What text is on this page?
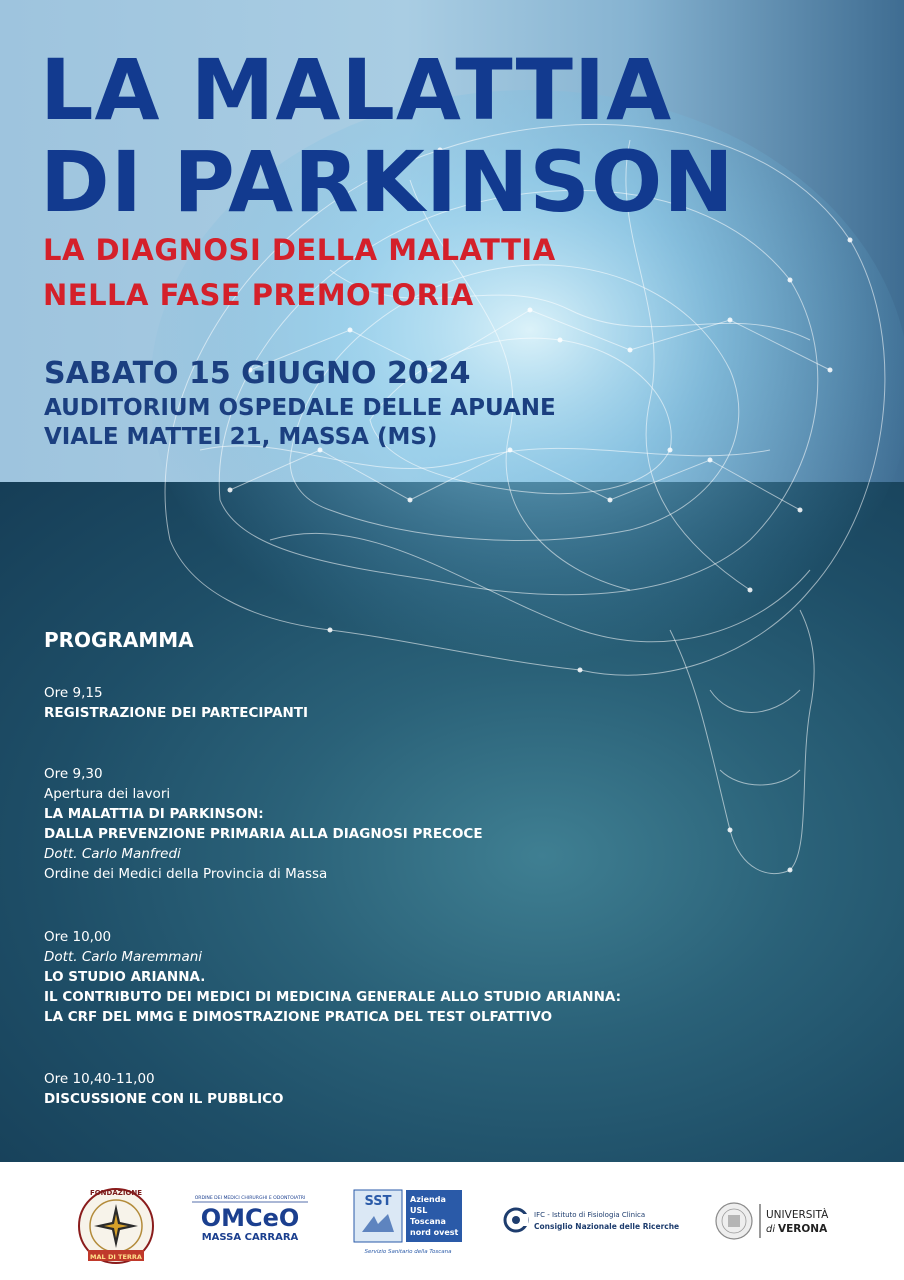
LA MALATTIA
DI PARKINSON
LA DIAGNOSI DELLA MALATTIA
NELLA FASE PREMOTORIA

SABATO 15 GIUGNO 2024

AUDITORIUM OSPEDALE DELLE APUANE

VIALE MATTEI 21, MASSA (MS)

PROGRAMMA
Ore 9,15
REGISTRAZIONE DEI PARTECIPANTI
Ore 9,30
Apertura dei lavori
LA MALATTIA DI PARKINSON:
DALLA PREVENZIONE PRIMARIA ALLA DIAGNOSI PRECOCE
Dott. Carlo Manfredi
Ordine dei Medici della Provincia di Massa
Ore 10,00
Dott. Carlo Maremmani
LO STUDIO ARIANNA.
IL CONTRIBUTO DEI MEDICI DI MEDICINA GENERALE ALLO STUDIO ARIANNA:
LA CRF DEL MMG E DIMOSTRAZIONE PRATICA DEL TEST OLFATTIVO
Ore 10,40-11,00
DISCUSSIONE CON IL PUBBLICO
FONDAZIONE
MAL DI TERRA
ORDINE DEI MEDICI CHIRURGHI E ODONTOIATRI
OMCeO
MASSA CARRARA
SST Azienda
USL
Toscana
nord ovest
Servizio Sanitario della Toscana
IFC - Istituto di Fisiologia Clinica
Consiglio Nazionale delle Ricerche
UNIVERSITÀ
di VERONA
